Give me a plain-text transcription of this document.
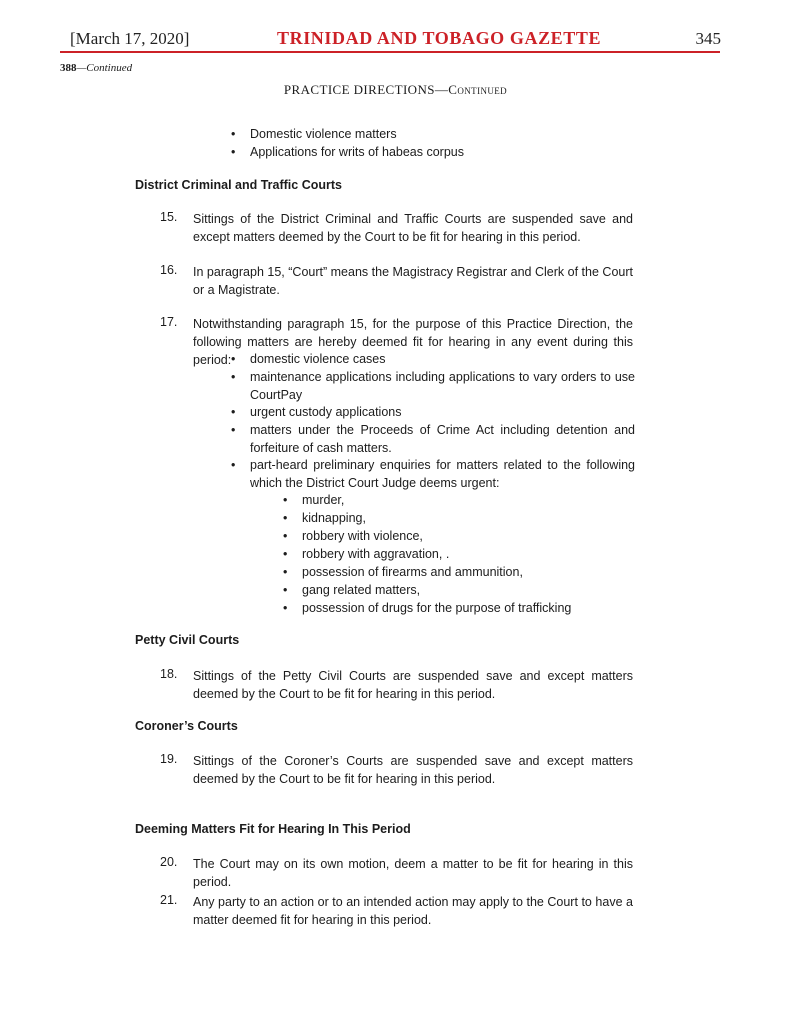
[March 17, 2020]	TRINIDAD AND TOBAGO GAZETTE	345
388—Continued
PRACTICE DIRECTIONS—Continued
• Domestic violence matters
• Applications for writs of habeas corpus
District Criminal and Traffic Courts
15. Sittings of the District Criminal and Traffic Courts are suspended save and except matters deemed by the Court to be fit for hearing in this period.
16. In paragraph 15, “Court” means the Magistracy Registrar and Clerk of the Court or a Magistrate.
17. Notwithstanding paragraph 15, for the purpose of this Practice Direction, the following matters are hereby deemed fit for hearing in any event during this period:
•	domestic violence cases
• maintenance applications including applications to vary orders to use CourtPay
• urgent custody applications
• matters under the Proceeds of Crime Act including detention and forfeiture of cash matters.
• part-heard preliminary enquiries for matters related to the following which the District Court Judge deems urgent:
• murder,
• kidnapping,
• robbery with violence,
• robbery with aggravation, .
• possession of firearms and ammunition,
• gang related matters,
• possession of drugs for the purpose of trafficking
Petty Civil Courts
18. Sittings of the Petty Civil Courts are suspended save and except matters deemed by the Court to be fit for hearing in this period.
Coroner’s Courts
19. Sittings of the Coroner’s Courts are suspended save and except matters deemed by the Court to be fit for hearing in this period.
Deeming Matters Fit for Hearing In This Period
20. The Court may on its own motion, deem a matter to be fit for hearing in this period.
21. Any party to an action or to an intended action may apply to the Court to have a matter deemed fit for hearing in this period.
